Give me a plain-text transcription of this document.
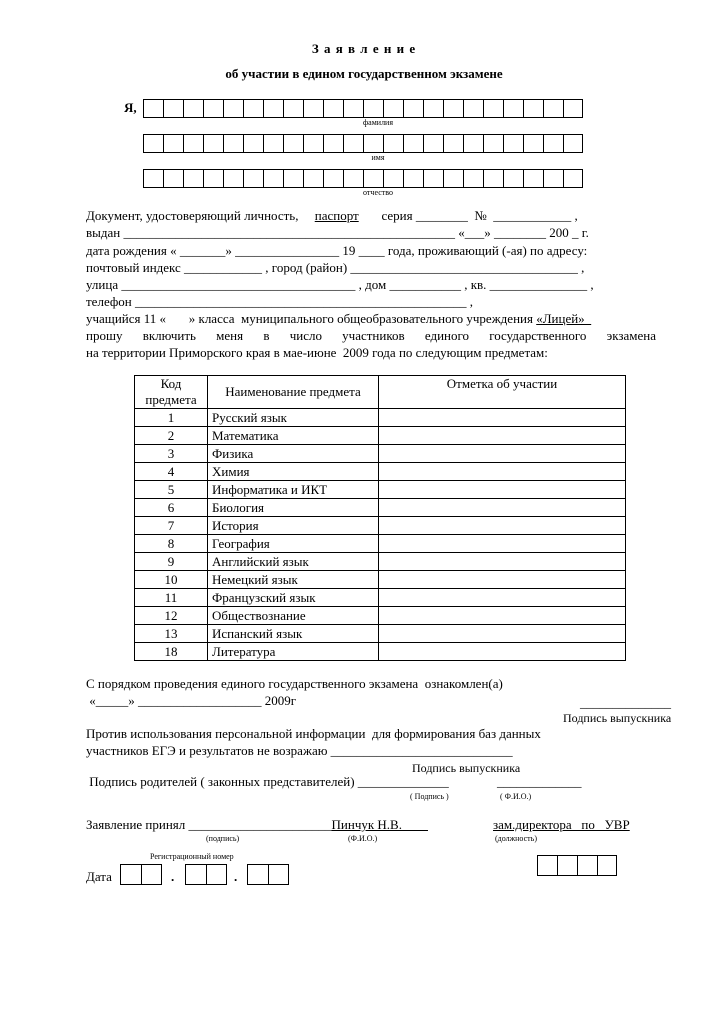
З а я в л е н и е
об участии в едином государственном экзамене
Я,
фамилия
имя
отчество
Документ, удостоверяющий личность, паспорт серия ________  №  ____________ ,
выдан ___________________________________________________ «___» ________ 200 _ г.
дата рождения « _______» ________________ 19 ____ года, проживающий (-ая) по адресу:
почтовый индекс ____________ , город (район) ___________________________________ ,
улица ____________________________________ , дом ___________ , кв. _______________ ,
телефон ___________________________________________________ ,
учащийся 11 «       » класса  муниципального общеобразовательного учреждения «Лицей»
прошу включить меня в число участников единого государственного экзамена
на территории Приморского края в мае-июне  2009 года по следующим предметам:
Код предмета	Наименование предмета	Отметка об участии
1	Русский язык	
2	Математика	
3	Физика	
4	Химия	
5	Информатика и ИКТ	
6	Биология	
7	История	
8	География	
9	Английский язык	
10	Немецкий язык	
11	Французский язык	
12	Обществознание	
13	Испанский язык	
18	Литература	
С порядком проведения единого государственного экзамена  ознакомлен(а)
«_____» ___________________ 2009г	______________
Подпись выпускника
Против использования персональной информации  для формирования баз данных
участников ЕГЭ и результатов не возражаю ____________________________
Подпись выпускника
Подпись родителей ( законных представителей) ______________	_____________
( Подпись )	( Ф.И.О.)
Заявление принял ______________________Пинчук Н.В.	зам.директора   по   УВР
(подпись)	(Ф.И.О.)	(должность)
Регистрационный номер
Дата	.	.
